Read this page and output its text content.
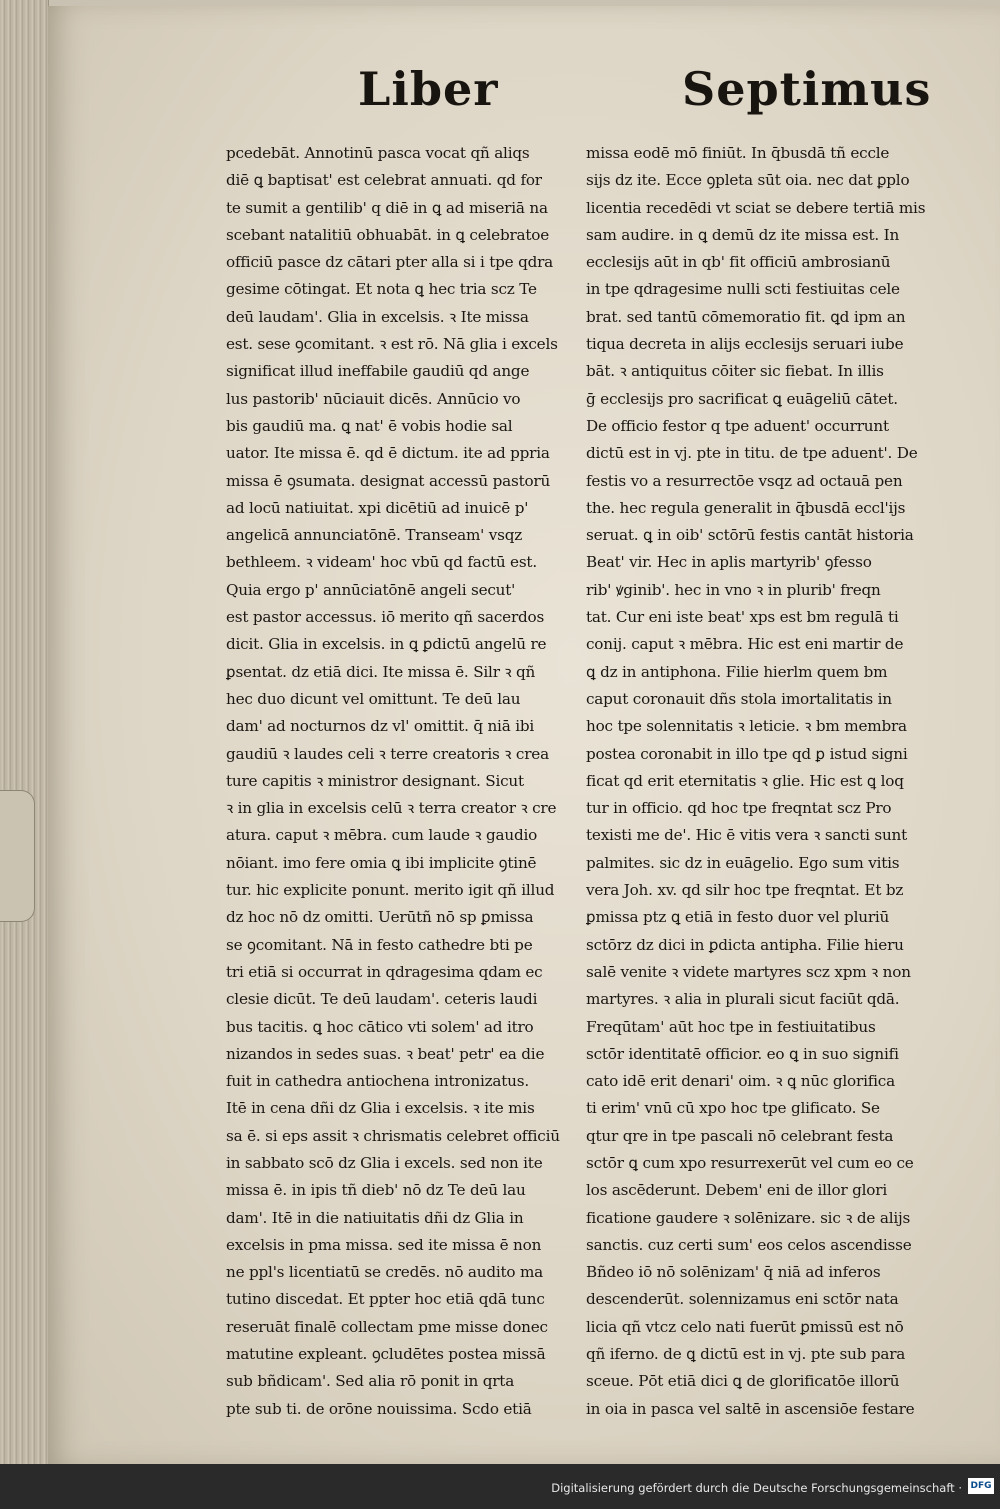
Liber	Septimus
pcedebāt. Annotinū pasca vocat qñ aliqs
diē ꝗ baptisat' est celebrat annuati. qd for
te sumit a gentilib' q diē in ꝗ ad miseriā na
scebant natalitiū obhuabāt. in ꝗ celebratoe
officiū pasce dz cātari pter alla si i tpe qdra
gesime cōtingat. Et nota ꝗ hec tria scz Te
deū laudam'. Glia in excelsis. ꝛ Ite missa
est. sese ꝯcomitant. ꝛ est rō. Nā glia i excels
significat illud ineffabile gaudiū qd ange
lus pastorib' nūciauit dicēs. Annūcio vo
bis gaudiū ma. ꝗ nat' ē vobis hodie sal
uator. Ite missa ē. qd ē dictum. ite ad ppria
missa ē ꝯsumata. designat accessū pastorū
ad locū natiuitat. xpi dicētiū ad inuicē p'
angelicā annunciatōnē. Transeam' vsqz
bethleem. ꝛ videam' hoc vbū qd factū est.
Quia ergo p' annūciatōnē angeli secut'
est pastor accessus. iō merito qñ sacerdos
dicit. Glia in excelsis. in ꝗ ꝑdictū angelū re
ꝑsentat. dz etiā dici. Ite missa ē. Silr ꝛ qñ
hec duo dicunt vel omittunt. Te deū lau
dam' ad nocturnos dz vl' omittit. q̄ niā ibi
gaudiū ꝛ laudes celi ꝛ terre creatoris ꝛ crea
ture capitis ꝛ ministror designant. Sicut
ꝛ in glia in excelsis celū ꝛ terra creator ꝛ cre
atura. caput ꝛ mēbra. cum laude ꝛ gaudio
nōiant. imo fere omia ꝗ ibi implicite ꝯtinē
tur. hic explicite ponunt. merito igit qñ illud
dz hoc nō dz omitti. Uerūtñ nō sp ꝑmissa
se ꝯcomitant. Nā in festo cathedre bti pe
tri etiā si occurrat in qdragesima qdam ec
clesie dicūt. Te deū laudam'. ceteris laudi
bus tacitis. ꝗ hoc cātico vti solem' ad itro
nizandos in sedes suas. ꝛ beat' petr' ea die
fuit in cathedra antiochena intronizatus.
Itē in cena dñi dz Glia i excelsis. ꝛ ite mis
sa ē. si eps assit ꝛ chrismatis celebret officiū
in sabbato scō dz Glia i excels. sed non ite
missa ē. in ipis tñ dieb' nō dz Te deū lau
dam'. Itē in die natiuitatis dñi dz Glia in
excelsis in pma missa. sed ite missa ē non
ne ppl's licentiatū se credēs. nō audito ma
tutino discedat. Et ppter hoc etiā qdā tunc
reseruāt finalē collectam pme misse donec
matutine expleant. ꝯcludētes postea missā
sub bñdicam'. Sed alia rō ponit in qrta
pte sub ti. de orōne nouissima. Scdo etiā
missa eodē mō finiūt. In q̄busdā tñ eccle
sijs dz ite. Ecce ꝯpleta sūt oia. nec dat ꝑplo
licentia recedēdi vt sciat se debere tertiā mis
sam audire. in ꝗ demū dz ite missa est. In
ecclesijs aūt in qb' fit officiū ambrosianū
in tpe qdragesime nulli scti festiuitas cele
brat. sed tantū cōmemoratio fit. ꝗd ipm an
tiqua decreta in alijs ecclesijs seruari iube
bāt. ꝛ antiquitus cōiter sic fiebat. In illis
ḡ ecclesijs pro sacrificat ꝗ euāgeliū cātet.
De officio festor q tpe aduent' occurrunt
dictū est in vj. pte in titu. de tpe aduent'. De
festis vo a resurrectōe vsqz ad octauā pen
the. hec regula generalit in q̄busdā eccl'ijs
seruat. ꝗ in oib' sctōrū festis cantāt historia
Beat' vir. Hec in aplis martyrib' ꝯfesso
rib' ꝟginib'. hec in vno ꝛ in plurib' freqn
tat. Cur eni iste beat' xps est bm regulā ti
conij. caput ꝛ mēbra. Hic est eni martir de
ꝗ dz in antiphona. Filie hierlm quem bm
caput coronauit dñs stola imortalitatis in
hoc tpe solennitatis ꝛ leticie. ꝛ bm membra
postea coronabit in illo tpe qd ꝑ istud signi
ficat qd erit eternitatis ꝛ glie. Hic est ꝗ loq
tur in officio. qd hoc tpe freqntat scz Pro
texisti me de'. Hic ē vitis vera ꝛ sancti sunt
palmites. sic dz in euāgelio. Ego sum vitis
vera Joh. xv. qd silr hoc tpe freqntat. Et bz
ꝑmissa ptz ꝗ etiā in festo duor vel pluriū
sctōrz dz dici in ꝑdicta antipha. Filie hieru
salē venite ꝛ videte martyres scz xpm ꝛ non
martyres. ꝛ alia in plurali sicut faciūt qdā.
Freqūtam' aūt hoc tpe in festiuitatibus
sctōr identitatē officior. eo ꝗ in suo signifi
cato idē erit denari' oim. ꝛ ꝗ nūc glorifica
ti erim' vnū cū xpo hoc tpe glificato. Se
qtur qre in tpe pascali nō celebrant festa
sctōr ꝗ cum xpo resurrexerūt vel cum eo ce
los ascēderunt. Debem' eni de illor glori
ficatione gaudere ꝛ solēnizare. sic ꝛ de alijs
sanctis. cuz certi sum' eos celos ascendisse
Bñdeo iō nō solēnizam' q̄ niā ad inferos
descenderūt. solennizamus eni sctōr nata
licia qñ vtcz celo nati fuerūt ꝑmissū est nō
qñ iferno. de ꝗ dictū est in vj. pte sub para
sceue. Pōt etiā dici ꝗ de glorificatōe illorū
in oia in pasca vel saltē in ascensiōe festare
Digitalisierung gefördert durch die Deutsche Forschungsgemeinschaft · DFG
